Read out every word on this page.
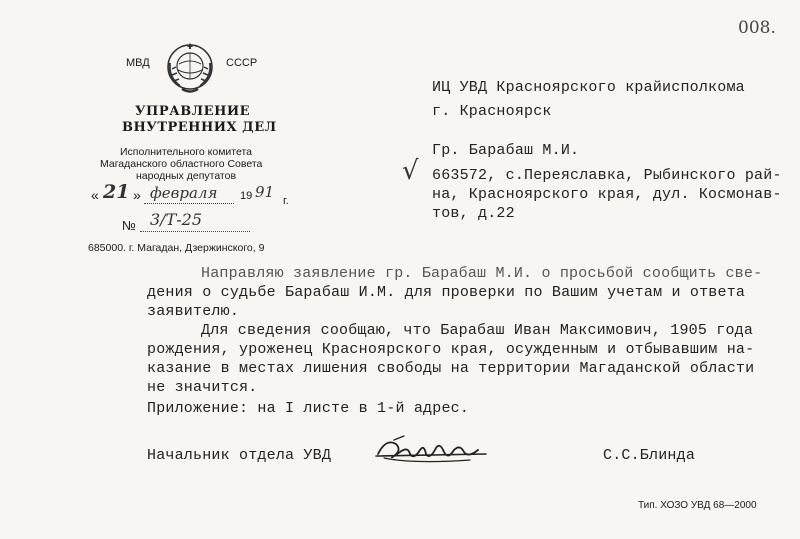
008.
МВД	СССР
УПРАВЛЕНИЕ
ВНУТРЕННИХ ДЕЛ
Исполнительного комитета
Магаданского областного Совета
народных депутатов
« 21 » февраля 19 91 г.
№ 3/Т-25
685000. г. Магадан, Дзержинского, 9
ИЦ УВД Красноярского крайисполкома
г. Красноярск
Гр. Барабаш М.И.
√ 663572, с.Переяславка, Рыбинского рай-
на, Красноярского края, дул. Космонав-
тов, д.22
Направляю заявление гр. Барабаш М.И. о просьбой сообщить све-
дения о судьбе Барабаш И.М. для проверки по Вашим учетам и ответа
заявителю.
Для сведения сообщаю, что Барабаш Иван Максимович, 1905 года
рождения, уроженец Красноярского края, осужденным и отбывавшим на-
казание в местах лишения свободы на территории Магаданской области
не значится.
Приложение: на I листе в 1-й адрес.
Начальник отдела УВД	С.С.Блинда
Тип. ХОЗО УВД 68—2000
